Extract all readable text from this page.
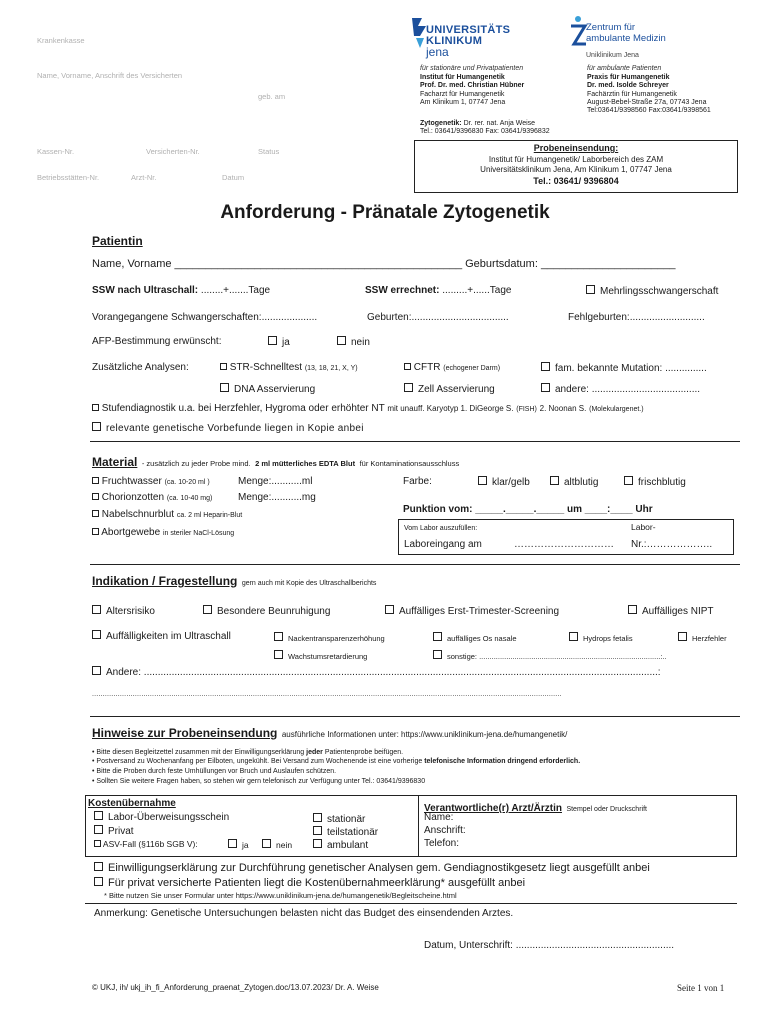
Krankenkasse
Name, Vorname, Anschrift des Versicherten
geb. am
Kassen-Nr.	Versicherten-Nr.	Status
Betriebsstätten-Nr.	Arzt-Nr.	Datum
UNIVERSITÄTS
KLINIKUM
jena
Zentrum für
ambulante Medizin
Uniklinikum Jena
für stationäre und Privatpatienten
Institut für Humangenetik
Prof. Dr. med. Christian Hübner
Facharzt für Humangenetik
Am Klinikum 1, 07747 Jena
für ambulante Patienten
Praxis für Humangenetik
Dr. med. Isolde Schreyer
Fachärztin für Humangenetik
August-Bebel-Straße 27a, 07743 Jena
Tel:03641/9398560 Fax:03641/9398561
Zytogenetik: Dr. rer. nat. Anja Weise
Tel.: 03641/9396830 Fax: 03641/9396832
Probeneinsendung:
Institut für Humangenetik/ Laborbereich des ZAM
Universitätsklinikum Jena, Am Klinikum 1, 07747 Jena
Tel.: 03641/ 9396804
Anforderung - Pränatale Zytogenetik
Patientin
Name, Vorname _______________________________________________ Geburtsdatum: ______________________
SSW nach Ultraschall: ........+.......Tage	SSW errechnet: .........+......Tage	Mehrlingsschwangerschaft
Vorangegangene Schwangerschaften:....................	Geburten:...................................	Fehlgeburten:...........................
AFP-Bestimmung erwünscht:	ja	nein
Zusätzliche Analysen:	STR-Schnelltest (13, 18, 21, X, Y)	CFTR (echogener Darm)	fam. bekannte Mutation: ...............
DNA Asservierung	Zell Asservierung	andere: .......................................
Stufendiagnostik u.a. bei Herzfehler, Hygroma oder erhöhter NT mit unauff. Karyotyp 1. DiGeorge S. (FISH) 2. Noonan S. (Molekulargenet.)
relevante genetische Vorbefunde liegen in Kopie anbei
Material - zusätzlich zu jeder Probe mind. 2 ml mütterliches EDTA Blut für Kontaminationsausschluss
Fruchtwasser (ca. 10-20 ml )	Menge:...........ml	Farbe:	klar/gelb	altblutig	frischblutig
Chorionzotten (ca. 10-40 mg)	Menge:...........mg
Punktion vom: _____._____._____ um ____:____ Uhr
Nabelschnurblut ca. 2 ml Heparin-Blut
Abortgewebe in steriler NaCl-Lösung
Vom Labor auszufüllen:
Laboreingang am	…………………………
Labor-
Nr.:………………..
Indikation / Fragestellung gern auch mit Kopie des Ultraschallberichts
Altersrisiko	Besondere Beunruhigung	Auffälliges Erst-Trimester-Screening	Auffälliges NIPT
Auffälligkeiten im Ultraschall	Nackentransparenzerhöhung	auffälliges Os nasale	Hydrops fetalis	Herzfehler
Wachstumsretardierung	sonstige: .......................................................................................:..
Andere: .........................................................................................................................................................................................:
...........................................................................................................................................................................................................................
Hinweise zur Probeneinsendung ausführliche Informationen unter: https://www.uniklinikum-jena.de/humangenetik/
• Bitte diesen Begleitzettel zusammen mit der Einwilligungserklärung jeder Patientenprobe beifügen.
• Postversand zu Wochenanfang per Eilboten, ungekühlt. Bei Versand zum Wochenende ist eine vorherige telefonische Information dringend erforderlich.
• Bitte die Proben durch feste Umhüllungen vor Bruch und Auslaufen schützen.
• Sollten Sie weitere Fragen haben, so stehen wir gern telefonisch zur Verfügung unter Tel.: 03641/9396830
Kostenübernahme
Labor-Überweisungsschein
Privat
ASV-Fall (§116b SGB V):	ja	nein
stationär
teilstationär
ambulant
Verantwortliche(r) Arzt/Ärztin Stempel oder Druckschrift
Name:
Anschrift:
Telefon:
Einwilligungserklärung zur Durchführung genetischer Analysen gem. Gendiagnostikgesetz liegt ausgefüllt anbei
Für privat versicherte Patienten liegt die Kostenübernahmeerklärung* ausgefüllt anbei
* Bitte nutzen Sie unser Formular unter https://www.uniklinikum-jena.de/humangenetik/Begleitscheine.html
Anmerkung: Genetische Untersuchungen belasten nicht das Budget des einsendenden Arztes.
Datum, Unterschrift: .........................................................
© UKJ, ih/ ukj_ih_fi_Anforderung_praenat_Zytogen.doc/13.07.2023/ Dr. A. Weise	Seite 1 von 1
